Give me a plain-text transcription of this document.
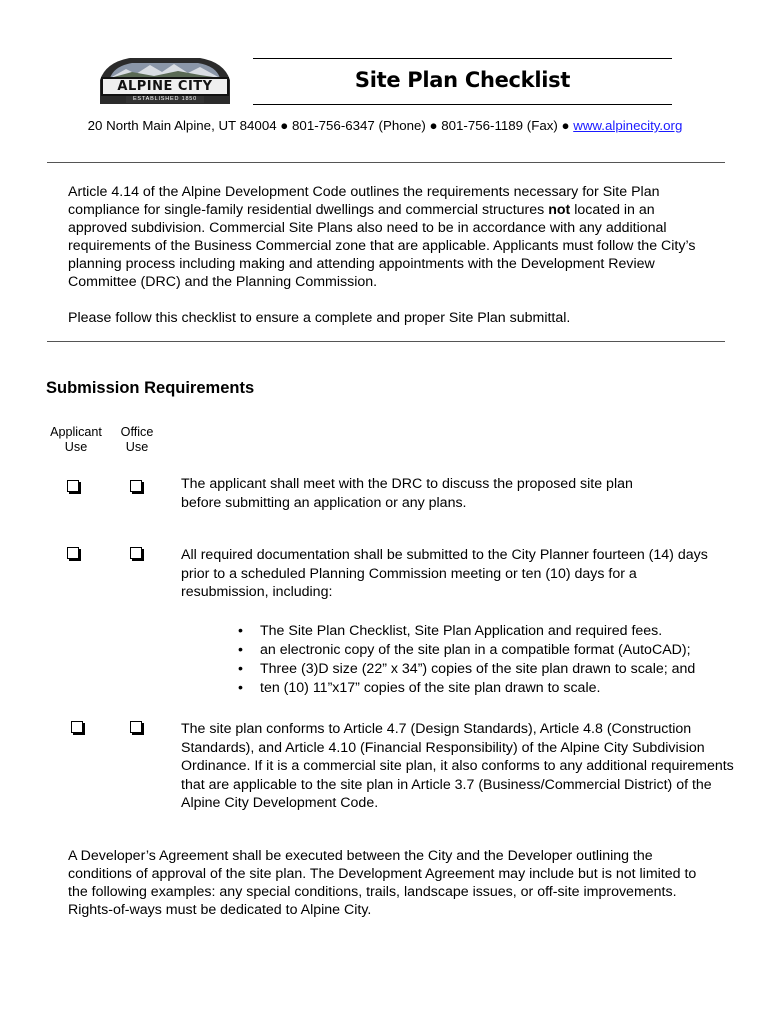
ALPINE CITY
ESTABLISHED 1850
Site Plan Checklist
20 North Main Alpine, UT 84004 ● 801-756-6347 (Phone) ● 801-756-1189 (Fax) ● www.alpinecity.org
Article 4.14 of the Alpine Development Code outlines the requirements necessary for Site Plan compliance for single-family residential dwellings and commercial structures not located in an approved subdivision. Commercial Site Plans also need to be in accordance with any additional requirements of the Business Commercial zone that are applicable. Applicants must follow the City’s planning process including making and attending appointments with the Development Review Committee (DRC) and the Planning Commission.
Please follow this checklist to ensure a complete and proper Site Plan submittal.
Submission Requirements
Applicant
Use
Office
Use
The applicant shall meet with the DRC to discuss the proposed site plan before submitting an application or any plans.
All required documentation shall be submitted to the City Planner fourteen (14) days prior to a scheduled Planning Commission meeting or ten (10) days for a resubmission, including:
• The Site Plan Checklist, Site Plan Application and required fees.
• an electronic copy of the site plan in a compatible format (AutoCAD);
• Three (3)D size (22” x 34”) copies of the site plan drawn to scale; and
• ten (10) 11”x17” copies of the site plan drawn to scale.
The site plan conforms to Article 4.7 (Design Standards), Article 4.8 (Construction Standards), and Article 4.10 (Financial Responsibility) of the Alpine City Subdivision Ordinance. If it is a commercial site plan, it also conforms to any additional requirements that are applicable to the site plan in Article 3.7 (Business/Commercial District) of the Alpine City Development Code.
A Developer’s Agreement shall be executed between the City and the Developer outlining the conditions of approval of the site plan. The Development Agreement may include but is not limited to the following examples: any special conditions, trails, landscape issues, or off-site improvements. Rights-of-ways must be dedicated to Alpine City.
